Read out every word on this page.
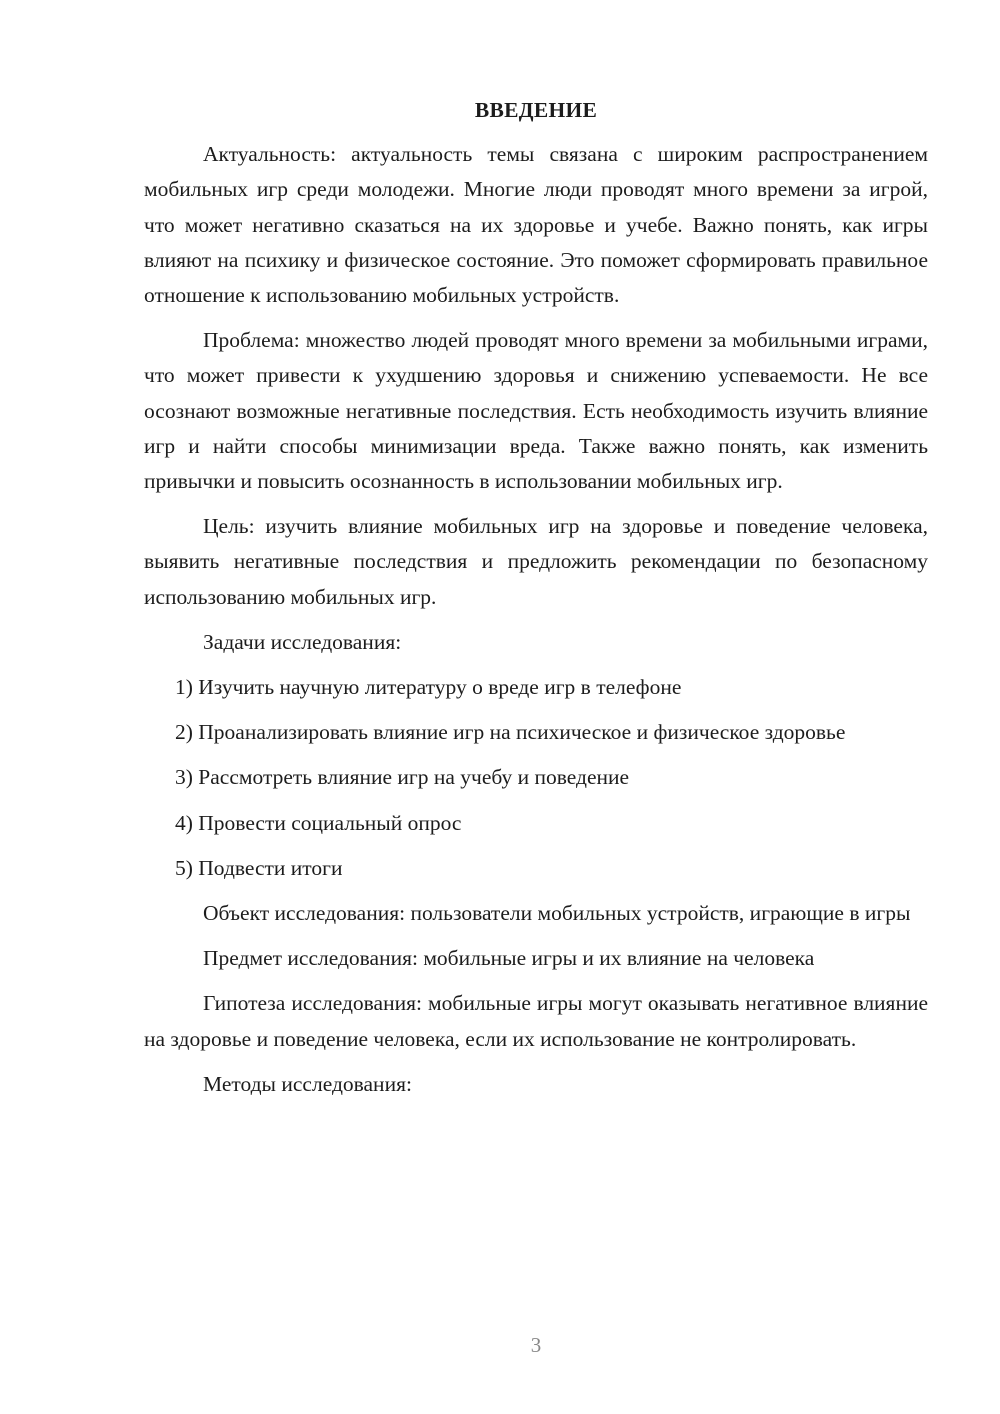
ВВЕДЕНИЕ

Актуальность: актуальность темы связана с широким распространением мобильных игр среди молодежи. Многие люди проводят много времени за игрой, что может негативно сказаться на их здоровье и учебе. Важно понять, как игры влияют на психику и физическое состояние. Это поможет сформировать правильное отношение к использованию мобильных устройств.

Проблема: множество людей проводят много времени за мобильными играми, что может привести к ухудшению здоровья и снижению успеваемости. Не все осознают возможные негативные последствия. Есть необходимость изучить влияние игр и найти способы минимизации вреда. Также важно понять, как изменить привычки и повысить осознанность в использовании мобильных игр.

Цель: изучить влияние мобильных игр на здоровье и поведение человека, выявить негативные последствия и предложить рекомендации по безопасному использованию мобильных игр.

Задачи исследования:

1) Изучить научную литературу о вреде игр в телефоне

2) Проанализировать влияние игр на психическое и физическое здоровье

3) Рассмотреть влияние игр на учебу и поведение

4) Провести социальный опрос

5) Подвести итоги

Объект исследования: пользователи мобильных устройств, играющие в игры

Предмет исследования: мобильные игры и их влияние на человека

Гипотеза исследования: мобильные игры могут оказывать негативное влияние на здоровье и поведение человека, если их использование не контролировать.

Методы исследования:

3
